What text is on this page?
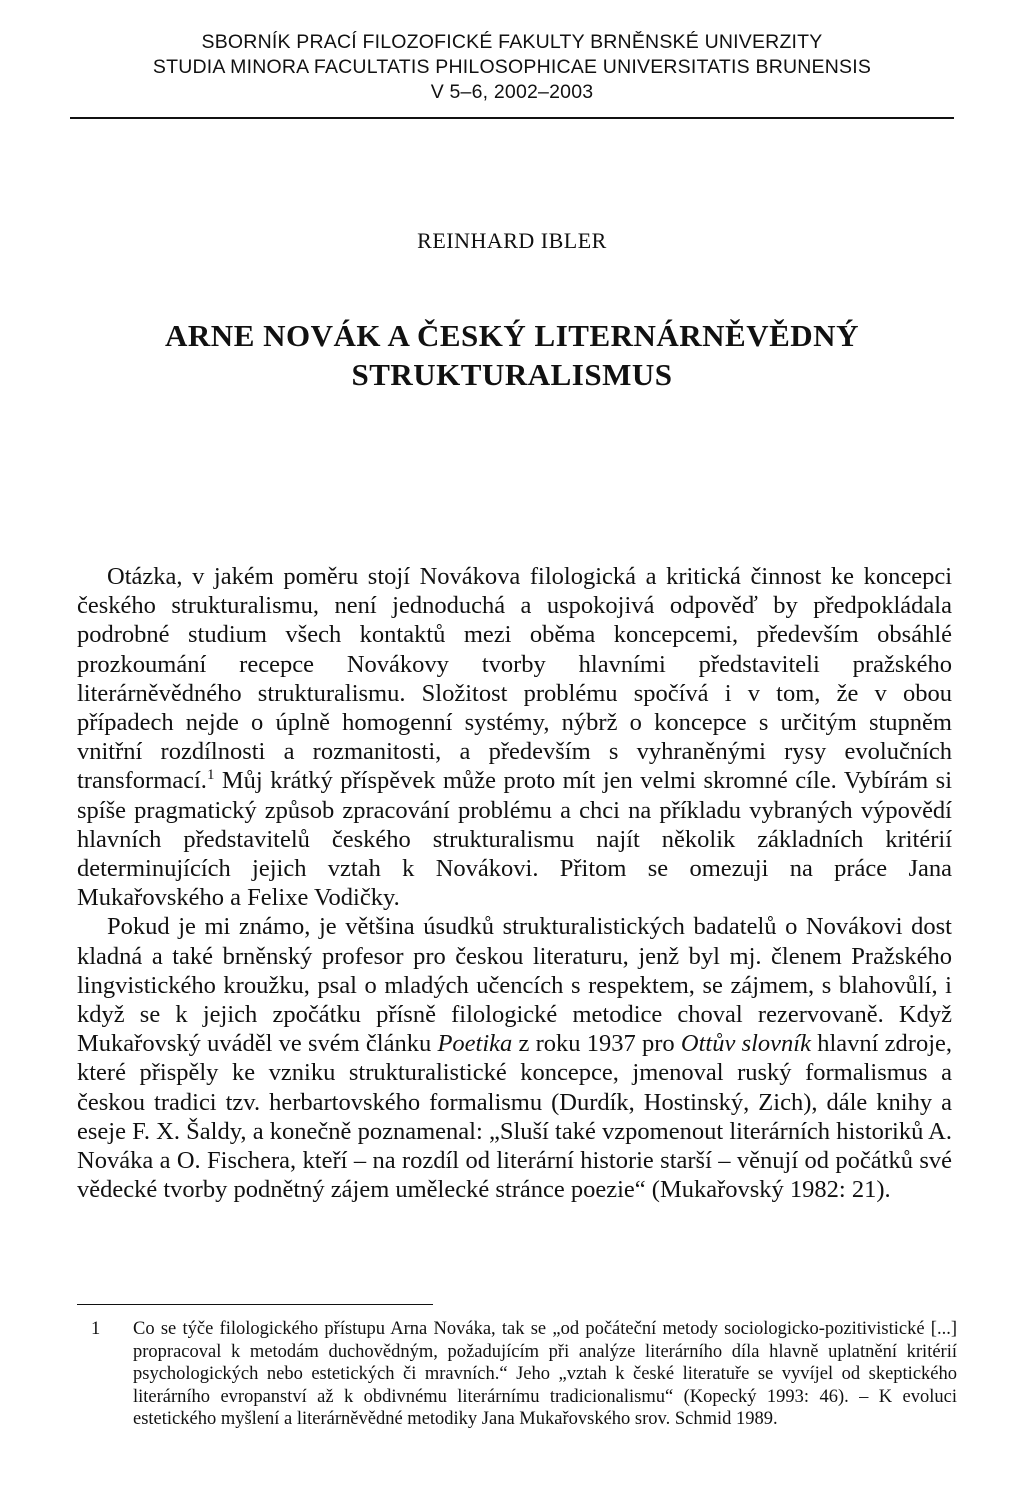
SBORNÍK PRACÍ FILOZOFICKÉ FAKULTY BRNĚNSKÉ UNIVERZITY
STUDIA MINORA FACULTATIS PHILOSOPHICAE UNIVERSITATIS BRUNENSIS
V 5–6, 2002–2003
REINHARD IBLER
ARNE NOVÁK A ČESKÝ LITERNÁRNĚVĚDNÝ
STRUKTURALISMUS

Otázka, v jakém poměru stojí Novákova filologická a kritická činnost ke koncepci českého strukturalismu, není jednoduchá a uspokojivá odpověď by předpokládala podrobné studium všech kontaktů mezi oběma koncepcemi, především obsáhlé prozkoumání recepce Novákovy tvorby hlavními představiteli pražského literárněvědného strukturalismu. Složitost problému spočívá i v tom, že v obou případech nejde o úplně homogenní systémy, nýbrž o koncepce s určitým stupněm vnitřní rozdílnosti a rozmanitosti, a především s vyhraněnými rysy evolučních transformací.$^1$ Můj krátký příspěvek může proto mít jen velmi skromné cíle. Vybírám si spíše pragmatický způsob zpracování problému a chci na příkladu vybraných výpovědí hlavních představitelů českého strukturalismu najít několik základních kritérií determinujících jejich vztah k Novákovi. Přitom se omezuji na práce Jana Mukařovského a Felixe Vodičky.

Pokud je mi známo, je většina úsudků strukturalistických badatelů o Novákovi dost kladná a také brněnský profesor pro českou literaturu, jenž byl mj. členem Pražského lingvistického kroužku, psal o mladých učencích s respektem, se zájmem, s blahovůlí, i když se k jejich zpočátku přísně filologické metodice choval rezervovaně. Když Mukařovský uváděl ve svém článku Poetika z roku 1937 pro Ottův slovník hlavní zdroje, které přispěly ke vzniku strukturalistické koncepce, jmenoval ruský formalismus a českou tradici tzv. herbartovského formalismu (Durdík, Hostinský, Zich), dále knihy a eseje F. X. Šaldy, a konečně poznamenal: „Sluší také vzpomenout literárních historiků A. Nováka a O. Fischera, kteří – na rozdíl od literární historie starší – věnují od počátků své vědecké tvorby podnětný zájem umělecké stránce poezie“ (Mukařovský 1982: 21).

1 Co se týče filologického přístupu Arna Nováka, tak se „od počáteční metody sociologicko-pozitivistické [...] propracoval k metodám duchovědným, požadujícím při analýze literárního díla hlavně uplatnění kritérií psychologických nebo estetických či mravních.“ Jeho „vztah k české literatuře se vyvíjel od skeptického literárního evropanství až k obdivnému literárnímu tradicionalismu“ (Kopecký 1993: 46). – K evoluci estetického myšlení a literárněvědné metodiky Jana Mukařovského srov. Schmid 1989.
